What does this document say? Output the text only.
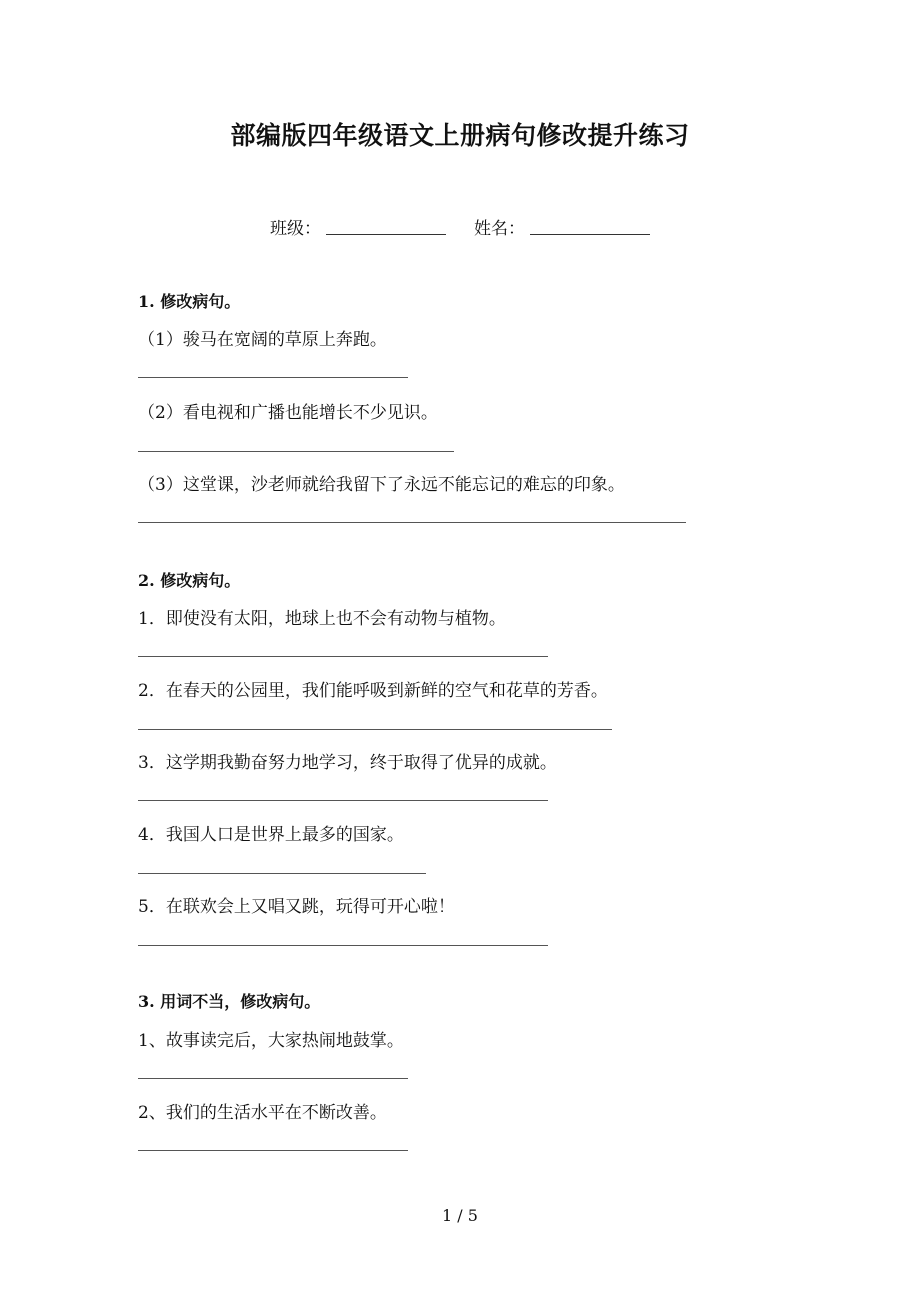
部编版四年级语文上册病句修改提升练习
班级：	姓名：
1. 修改病句。
（1）骏马在宽阔的草原上奔跑。
（2）看电视和广播也能增长不少见识。
（3）这堂课，沙老师就给我留下了永远不能忘记的难忘的印象。
2. 修改病句。
1．即使没有太阳，地球上也不会有动物与植物。
2．在春天的公园里，我们能呼吸到新鲜的空气和花草的芳香。
3．这学期我勤奋努力地学习，终于取得了优异的成就。
4．我国人口是世界上最多的国家。
5．在联欢会上又唱又跳，玩得可开心啦！
3. 用词不当，修改病句。
1、故事读完后，大家热闹地鼓掌。
2、我们的生活水平在不断改善。
1 / 5
